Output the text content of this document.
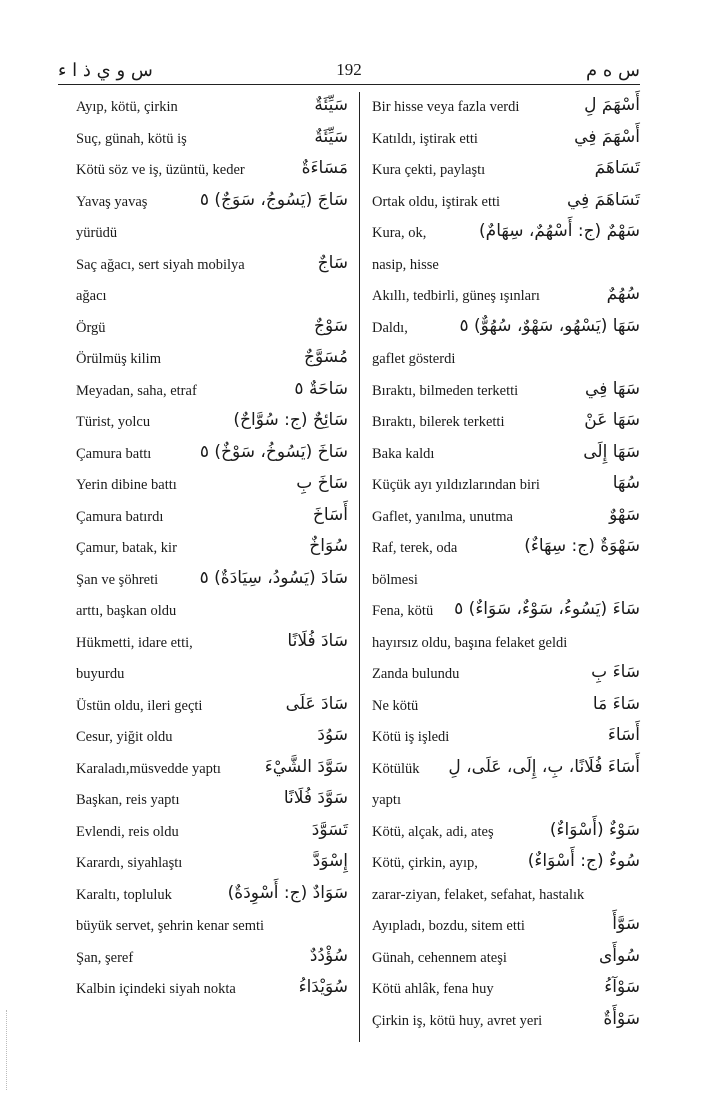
س و ي ذ ا ء	192	س ه م
Ayıp, kötü, çirkin	سَيِّئَةٌ
Suç, günah, kötü iş	سَيِّئَةٌ
Kötü söz ve iş, üzüntü, keder	مَسَاءَةٌ
Yavaş yavaş	سَاجَ (يَسُوجُ، سَوَجٌ) ٥
yürüdü
Saç ağacı, sert siyah mobilya	سَاجٌ
ağacı
Örgü	سَوْجٌ
Örülmüş kilim	مُسَوَّجٌ
Meyadan, saha, etraf	سَاحَةٌ ٥
Türist, yolcu	سَائِحٌ (ج: سُوَّاحٌ)
Çamura battı	سَاخَ (يَسُوخُ، سَوْخٌ) ٥
Yerin dibine battı	سَاخَ بِ
Çamura batırdı	أَسَاخَ
Çamur, batak, kir	سُوَاخٌ
Şan ve şöhreti سَادَ (يَسُودُ، سِيَادَةٌ) ٥
arttı, başkan oldu
Hükmetti, idare etti,	سَادَ فُلَانًا
buyurdu
Üstün oldu, ileri geçti	سَادَ عَلَى
Cesur, yiğit oldu	سَوُدَ
Karaladı,müsvedde yaptı	سَوَّدَ الشَّيْءَ
Başkan, reis yaptı	سَوَّدَ فُلَانًا
Evlendi, reis oldu	تَسَوَّدَ
Karardı, siyahlaştı	إِسْوَدَّ
Karaltı, topluluk	سَوَادٌ (ج: أَسْوِدَةٌ)
büyük servet, şehrin kenar semti
Şan, şeref	سُؤْدُدٌ
Kalbin içindeki siyah nokta	سُوَيْدَاءُ
Bir hisse veya fazla verdi	أَسْهَمَ لِ
Katıldı, iştirak etti	أَسْهَمَ فِي
Kura çekti, paylaştı	تَسَاهَمَ
Ortak oldu, iştirak etti	تَسَاهَمَ فِي
Kura, ok,	سَهْمٌ (ج: أَسْهُمٌ، سِهَامٌ)
nasip, hisse
Akıllı, tedbirli, güneş ışınları	سُهُمٌ
Daldı,	سَهَا (يَسْهُو، سَهْوٌ، سُهُوٌّ) ٥
gaflet gösterdi
Bıraktı, bilmeden terketti	سَهَا فِي
Bıraktı, bilerek terketti	سَهَا عَنْ
Baka kaldı	سَهَا إِلَى
Küçük ayı yıldızlarından biri	سُهَا
Gaflet, yanılma, unutma	سَهْوٌ
Raf, terek, oda	سَهْوَةٌ (ج: سِهَاءٌ)
bölmesi
Fena, kötü سَاءَ (يَسُوءُ، سَوْءٌ، سَوَاءٌ) ٥
hayırsız oldu, başına felaket geldi
Zanda bulundu	سَاءَ بِ
Ne kötü	سَاءَ مَا
Kötü iş işledi	أَسَاءَ
Kötülük أَسَاءَ فُلَانًا، بِ، إِلَى، عَلَى، لِ
yaptı
Kötü, alçak, adi, ateş	سَوْءٌ (أَسْوَاءٌ)
Kötü, çirkin, ayıp,	سُوءٌ (ج: أَسْوَاءٌ)
zarar-ziyan, felaket, sefahat, hastalık
Ayıpladı, bozdu, sitem etti	سَوَّأَ
Günah, cehennem ateşi	سُوأَى
Kötü ahlâk, fena huy	سَوْآءُ
Çirkin iş, kötü huy, avret yeri	سَوْأَةٌ
